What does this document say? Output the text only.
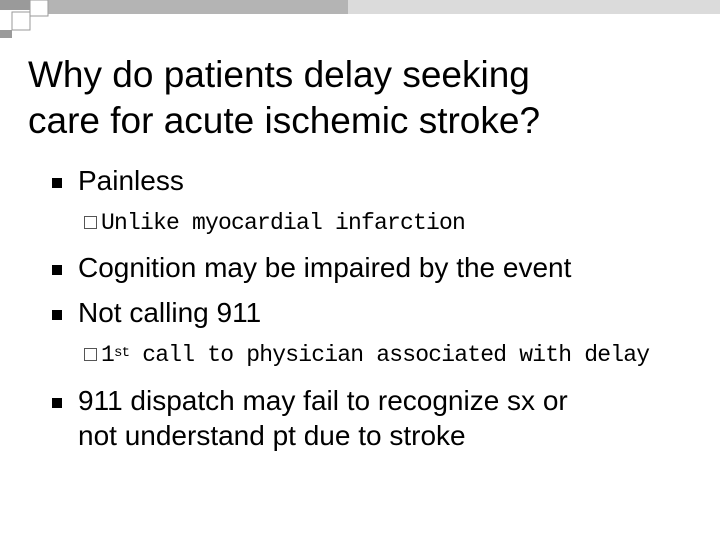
Why do patients delay seeking
care for acute ischemic stroke?
Painless
Unlike myocardial infarction
Cognition may be impaired by the event
Not calling 911
1st call to physician associated with delay
911 dispatch may fail to recognize sx or
not understand pt due to stroke
